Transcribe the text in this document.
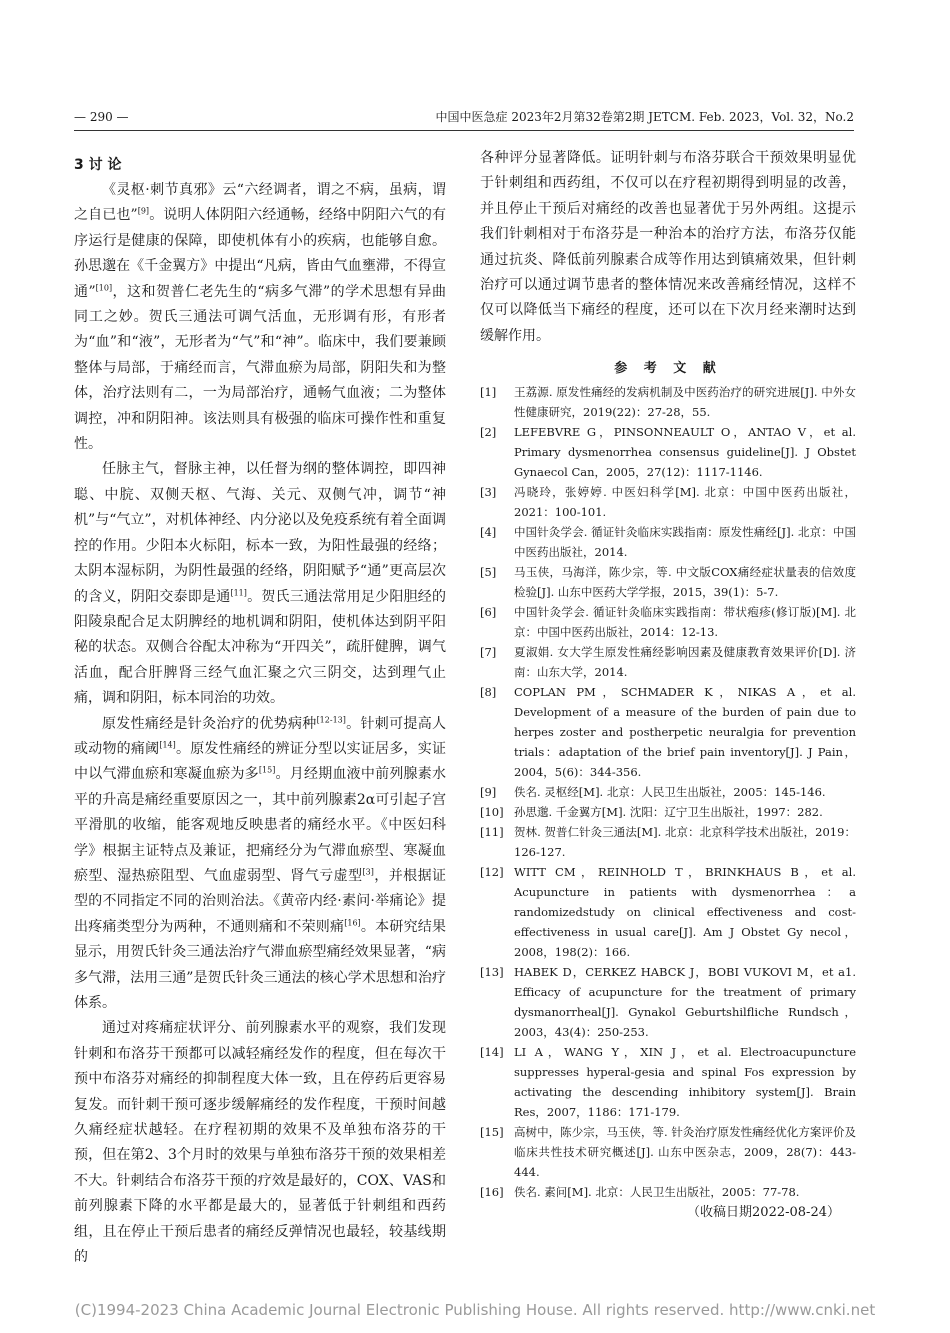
— 290 —	中国中医急症 2023年2月第32卷第2期 JETCM. Feb. 2023，Vol. 32，No.2
3 讨 论

《灵枢·刺节真邪》云“六经调者，谓之不病，虽病，谓之自已也”[9]。说明人体阴阳六经通畅，经络中阴阳六气的有序运行是健康的保障，即使机体有小的疾病，也能够自愈。孙思邈在《千金翼方》中提出“凡病，皆由气血壅滞，不得宣通”[10]，这和贺普仁老先生的“病多气滞”的学术思想有异曲同工之妙。贺氏三通法可调气活血，无形调有形，有形者为“血”和“液”，无形者为“气”和“神”。临床中，我们要兼顾整体与局部，于痛经而言，气滞血瘀为局部，阴阳失和为整体，治疗法则有二，一为局部治疗，通畅气血液；二为整体调控，冲和阴阳神。该法则具有极强的临床可操作性和重复性。

任脉主气，督脉主神，以任督为纲的整体调控，即四神聪、中脘、双侧天枢、气海、关元、双侧气冲，调节“神机”与“气立”，对机体神经、内分泌以及免疫系统有着全面调控的作用。少阳本火标阳，标本一致，为阳性最强的经络；太阴本湿标阴，为阴性最强的经络，阴阳赋予“通”更高层次的含义，阴阳交泰即是通[11]。贺氏三通法常用足少阳胆经的阳陵泉配合足太阴脾经的地机调和阴阳，使机体达到阴平阳秘的状态。双侧合谷配太冲称为“开四关”，疏肝健脾，调气活血，配合肝脾肾三经气血汇聚之穴三阴交，达到理气止痛，调和阴阳，标本同治的功效。

原发性痛经是针灸治疗的优势病种[12-13]。针刺可提高人或动物的痛阈[14]。原发性痛经的辨证分型以实证居多，实证中以气滞血瘀和寒凝血瘀为多[15]。月经期血液中前列腺素水平的升高是痛经重要原因之一，其中前列腺素2α可引起子宫平滑肌的收缩，能客观地反映患者的痛经水平。《中医妇科学》根据主证特点及兼证，把痛经分为气滞血瘀型、寒凝血瘀型、湿热瘀阻型、气血虚弱型、肾气亏虚型[3]，并根据证型的不同指定不同的治则治法。《黄帝内经·素问·举痛论》提出疼痛类型分为两种，不通则痛和不荣则痛[16]。本研究结果显示，用贺氏针灸三通法治疗气滞血瘀型痛经效果显著，“病多气滞，法用三通”是贺氏针灸三通法的核心学术思想和治疗体系。

通过对疼痛症状评分、前列腺素水平的观察，我们发现针刺和布洛芬干预都可以减轻痛经发作的程度，但在每次干预中布洛芬对痛经的抑制程度大体一致，且在停药后更容易复发。而针刺干预可逐步缓解痛经的发作程度，干预时间越久痛经症状越轻。在疗程初期的效果不及单独布洛芬的干预，但在第2、3个月时的效果与单独布洛芬干预的效果相差不大。针刺结合布洛芬干预的疗效是最好的，COX、VAS和前列腺素下降的水平都是最大的，显著低于针刺组和西药组，且在停止干预后患者的痛经反弹情况也最轻，较基线期的

各种评分显著降低。证明针刺与布洛芬联合干预效果明显优于针刺组和西药组，不仅可以在疗程初期得到明显的改善，并且停止干预后对痛经的改善也显著优于另外两组。这提示我们针刺相对于布洛芬是一种治本的治疗方法，布洛芬仅能通过抗炎、降低前列腺素合成等作用达到镇痛效果，但针刺治疗可以通过调节患者的整体情况来改善痛经情况，这样不仅可以降低当下痛经的程度，还可以在下次月经来潮时达到缓解作用。

参 考 文 献
[1] 王荔源. 原发性痛经的发病机制及中医药治疗的研究进展[J]. 中外女性健康研究，2019(22)：27-28，55.
[2] LEFEBVRE G，PINSONNEAULT O，ANTAO V，et al. Primary dysmenorrhea consensus guideline[J]. J Obstet Gynaecol Can，2005，27(12)：1117-1146.
[3] 冯晓玲，张婷婷. 中医妇科学[M]. 北京：中国中医药出版社，2021：100-101.
[4] 中国针灸学会. 循证针灸临床实践指南：原发性痛经[J]. 北京：中国中医药出版社，2014.
[5] 马玉侠，马海洋，陈少宗，等. 中文版COX痛经症状量表的信效度检验[J]. 山东中医药大学学报，2015，39(1)：5-7.
[6] 中国针灸学会. 循证针灸临床实践指南：带状疱疹(修订版)[M]. 北京：中国中医药出版社，2014：12-13.
[7] 夏淑娟. 女大学生原发性痛经影响因素及健康教育效果评价[D]. 济南：山东大学，2014.
[8] COPLAN PM，SCHMADER K，NIKAS A，et al. Development of a measure of the burden of pain due to herpes zoster and postherpetic neuralgia for prevention trials：adaptation of the brief pain inventory[J]. J Pain，2004，5(6)：344-356.
[9] 佚名. 灵枢经[M]. 北京：人民卫生出版社，2005：145-146.
[10] 孙思邈. 千金翼方[M]. 沈阳：辽宁卫生出版社，1997：282.
[11] 贺林. 贺普仁针灸三通法[M]. 北京：北京科学技术出版社，2019：126-127.
[12] WITT CM，REINHOLD T，BRINKHAUS B，et al. Acupuncture in patients with dysmenorrhea：a randomizedstudy on clinical effectiveness and cost-effectiveness in usual care[J]. Am J Obstet Gy necol，2008，198(2)：166.
[13] HABEK D，CERKEZ HABCK J，BOBI VUKOVI M，et a1. Efficacy of acupuncture for the treatment of primary dysmanorrheal[J]. Gynakol Geburtshilfliche Rundsch，2003，43(4)：250-253.
[14] LI A，WANG Y，XIN J，et al. Electroacupuncture suppresses hyperal-gesia and spinal Fos expression by activating the descending inhibitory system[J]. Brain Res，2007，1186：171-179.
[15] 高树中，陈少宗，马玉侠，等. 针灸治疗原发性痛经优化方案评价及临床共性技术研究概述[J]. 山东中医杂志，2009，28(7)：443-444.
[16] 佚名. 素问[M]. 北京：人民卫生出版社，2005：77-78.
（收稿日期2022-08-24）
(C)1994-2023 China Academic Journal Electronic Publishing House. All rights reserved. http://www.cnki.net
